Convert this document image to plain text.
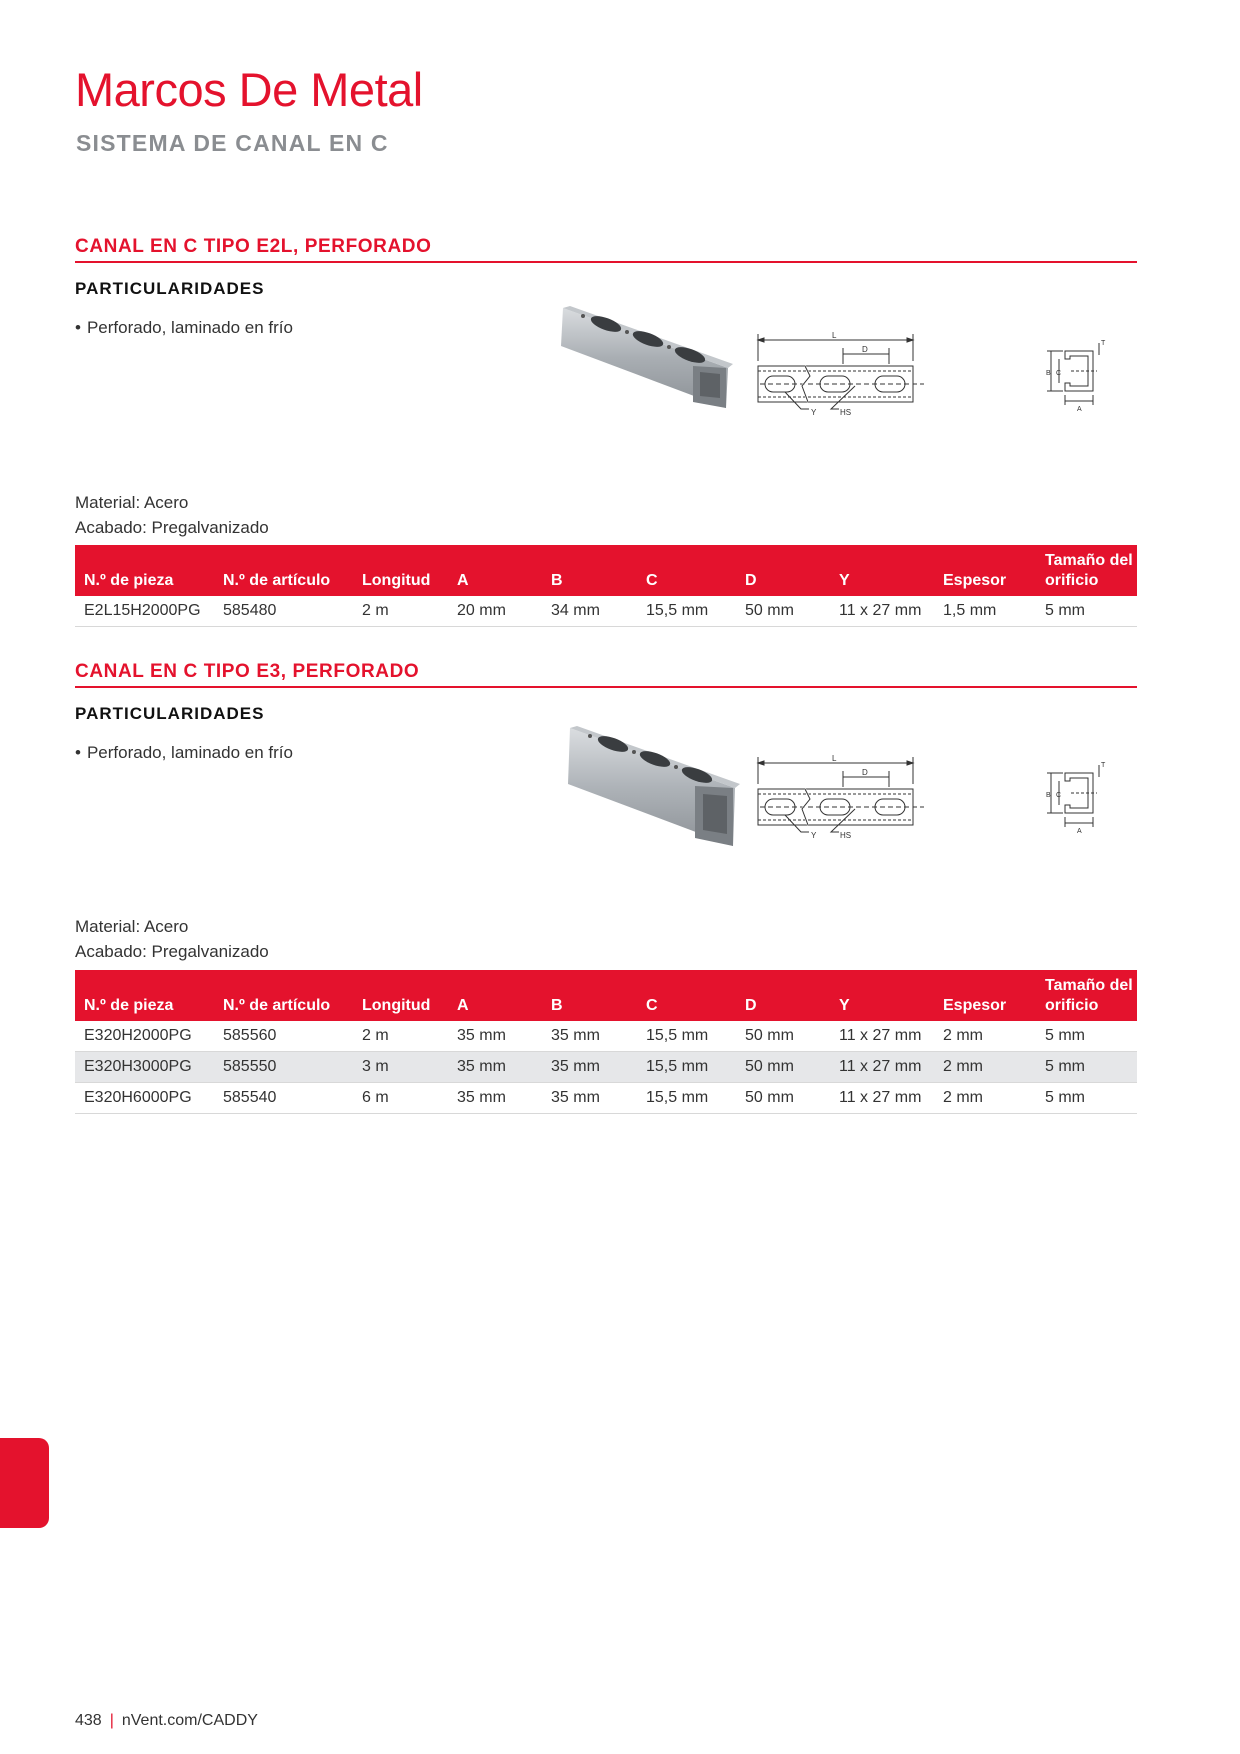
Marcos De Metal
SISTEMA DE CANAL EN C
CANAL EN C TIPO E2L, PERFORADO
PARTICULARIDADES
• Perforado, laminado en frío	L
D
Y	HS
B C
A
T
Material: Acero
Acabado: Pregalvanizado
N.º de pieza	N.º de artículo	Longitud	A	B	C	D	Y	Espesor	Tamaño del orificio
E2L15H2000PG	585480	2 m	20 mm	34 mm	15,5 mm	50 mm	11 x 27 mm	1,5 mm	5 mm
CANAL EN C TIPO E3, PERFORADO
PARTICULARIDADES
• Perforado, laminado en frío	L
D
Y	HS
B C
A
T
Material: Acero
Acabado: Pregalvanizado
N.º de pieza	N.º de artículo	Longitud	A	B	C	D	Y	Espesor	Tamaño del orificio
E320H2000PG	585560	2 m	35 mm	35 mm	15,5 mm	50 mm	11 x 27 mm	2 mm	5 mm
E320H3000PG	585550	3 m	35 mm	35 mm	15,5 mm	50 mm	11 x 27 mm	2 mm	5 mm
E320H6000PG	585540	6 m	35 mm	35 mm	15,5 mm	50 mm	11 x 27 mm	2 mm	5 mm
438 | nVent.com/CADDY
